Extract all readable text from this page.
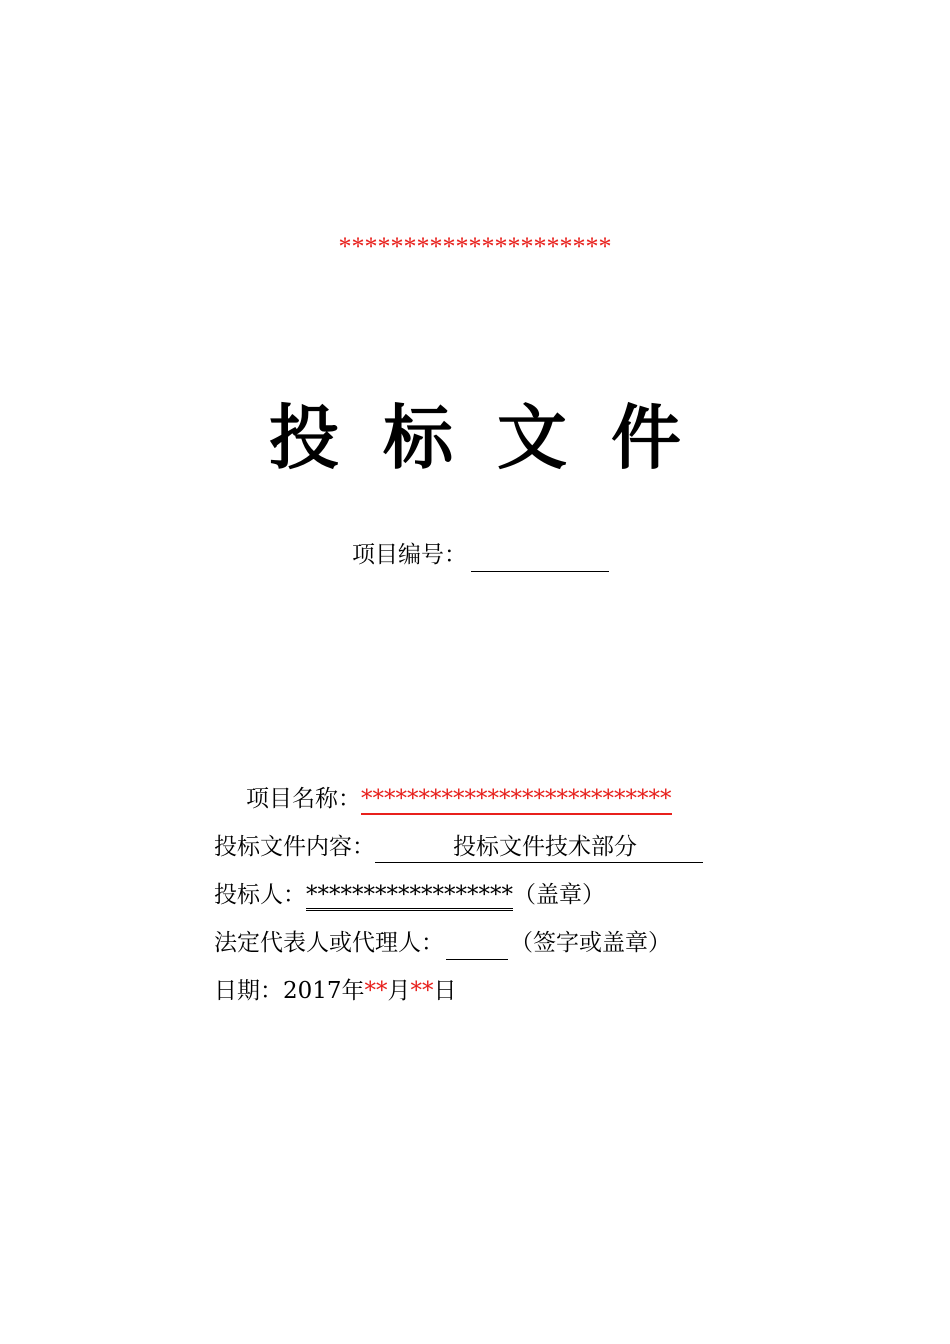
*********************
投 标 文 件
项目编号：
项目名称：***************************
投标文件内容：	投标文件技术部分
投标人：******************（盖章）
法定代表人或代理人：	（签字或盖章）
日期：2017年**月**日
